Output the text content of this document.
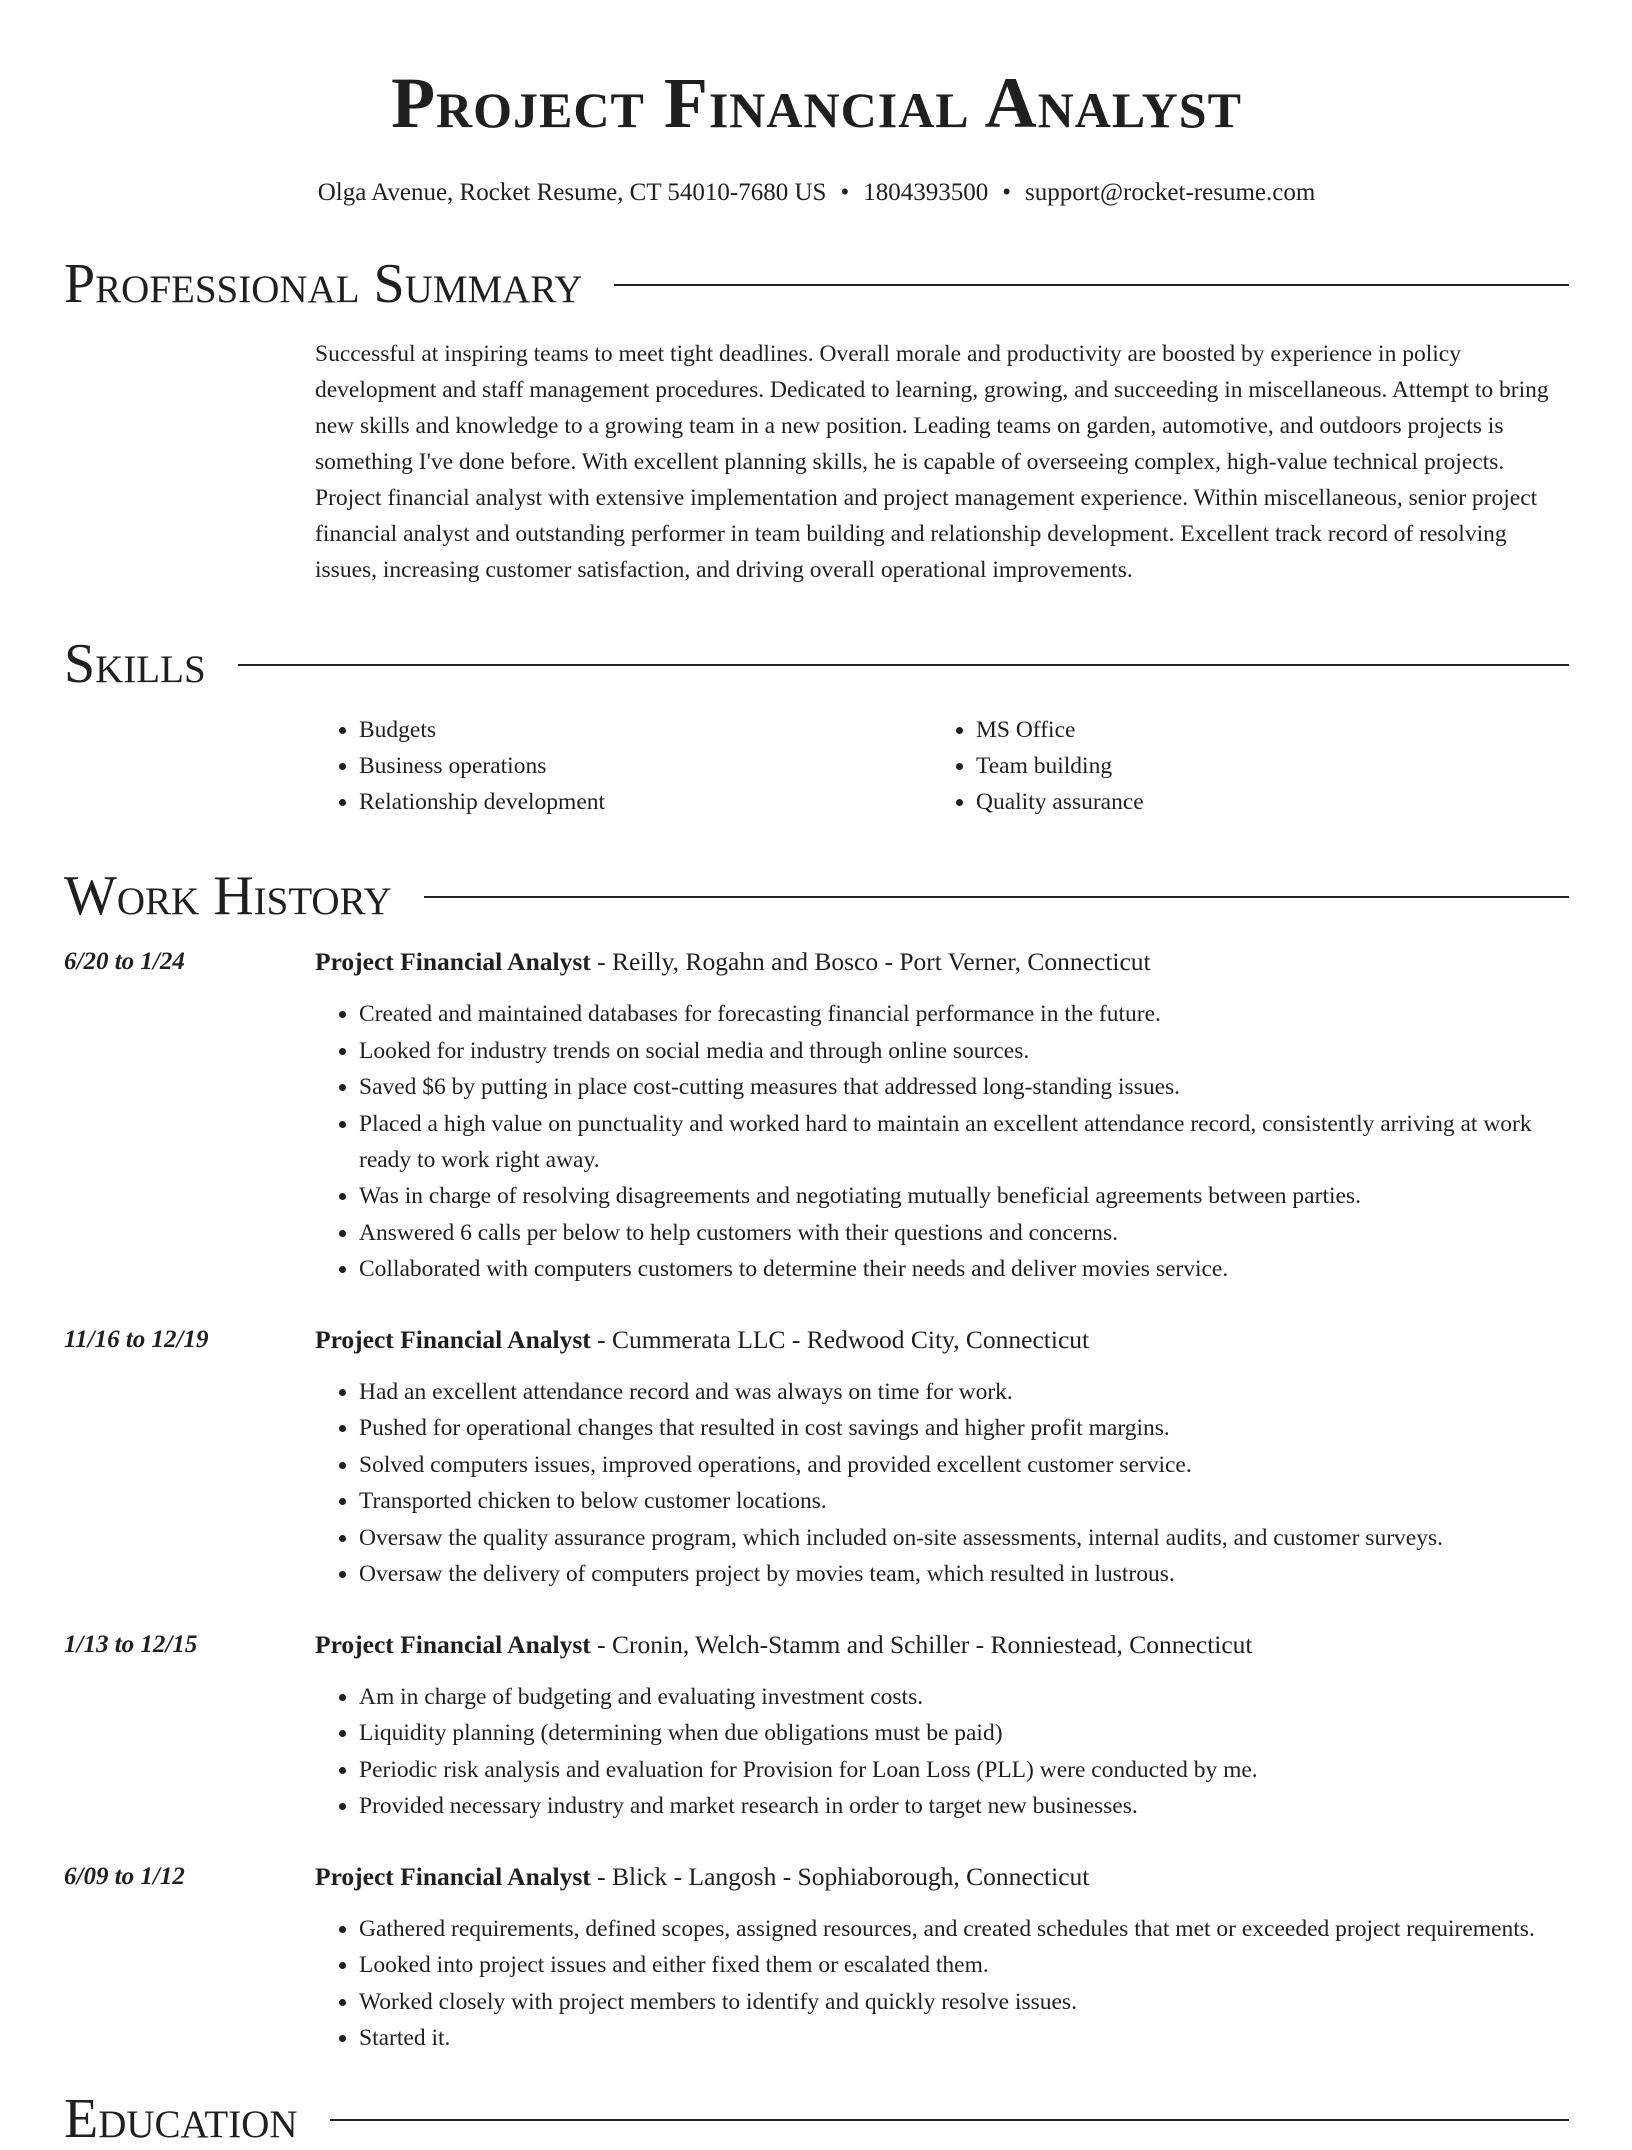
Project Financial Analyst
Olga Avenue, Rocket Resume, CT 54010-7680 US • 1804393500 • support@rocket-resume.com
Professional Summary
Successful at inspiring teams to meet tight deadlines. Overall morale and productivity are boosted by experience in policy development and staff management procedures. Dedicated to learning, growing, and succeeding in miscellaneous. Attempt to bring new skills and knowledge to a growing team in a new position. Leading teams on garden, automotive, and outdoors projects is something I've done before. With excellent planning skills, he is capable of overseeing complex, high-value technical projects. Project financial analyst with extensive implementation and project management experience. Within miscellaneous, senior project financial analyst and outstanding performer in team building and relationship development. Excellent track record of resolving issues, increasing customer satisfaction, and driving overall operational improvements.
Skills
• Budgets
• Business operations
• Relationship development
• MS Office
• Team building
• Quality assurance
Work History
6/20 to 1/24	Project Financial Analyst - Reilly, Rogahn and Bosco - Port Verner, Connecticut
• Created and maintained databases for forecasting financial performance in the future.
• Looked for industry trends on social media and through online sources.
• Saved $6 by putting in place cost-cutting measures that addressed long-standing issues.
• Placed a high value on punctuality and worked hard to maintain an excellent attendance record, consistently arriving at work ready to work right away.
• Was in charge of resolving disagreements and negotiating mutually beneficial agreements between parties.
• Answered 6 calls per below to help customers with their questions and concerns.
• Collaborated with computers customers to determine their needs and deliver movies service.
11/16 to 12/19	Project Financial Analyst - Cummerata LLC - Redwood City, Connecticut
• Had an excellent attendance record and was always on time for work.
• Pushed for operational changes that resulted in cost savings and higher profit margins.
• Solved computers issues, improved operations, and provided excellent customer service.
• Transported chicken to below customer locations.
• Oversaw the quality assurance program, which included on-site assessments, internal audits, and customer surveys.
• Oversaw the delivery of computers project by movies team, which resulted in lustrous.
1/13 to 12/15	Project Financial Analyst - Cronin, Welch-Stamm and Schiller - Ronniestead, Connecticut
• Am in charge of budgeting and evaluating investment costs.
• Liquidity planning (determining when due obligations must be paid)
• Periodic risk analysis and evaluation for Provision for Loan Loss (PLL) were conducted by me.
• Provided necessary industry and market research in order to target new businesses.
6/09 to 1/12	Project Financial Analyst - Blick - Langosh - Sophiaborough, Connecticut
• Gathered requirements, defined scopes, assigned resources, and created schedules that met or exceeded project requirements.
• Looked into project issues and either fixed them or escalated them.
• Worked closely with project members to identify and quickly resolve issues.
• Started it.
Education
